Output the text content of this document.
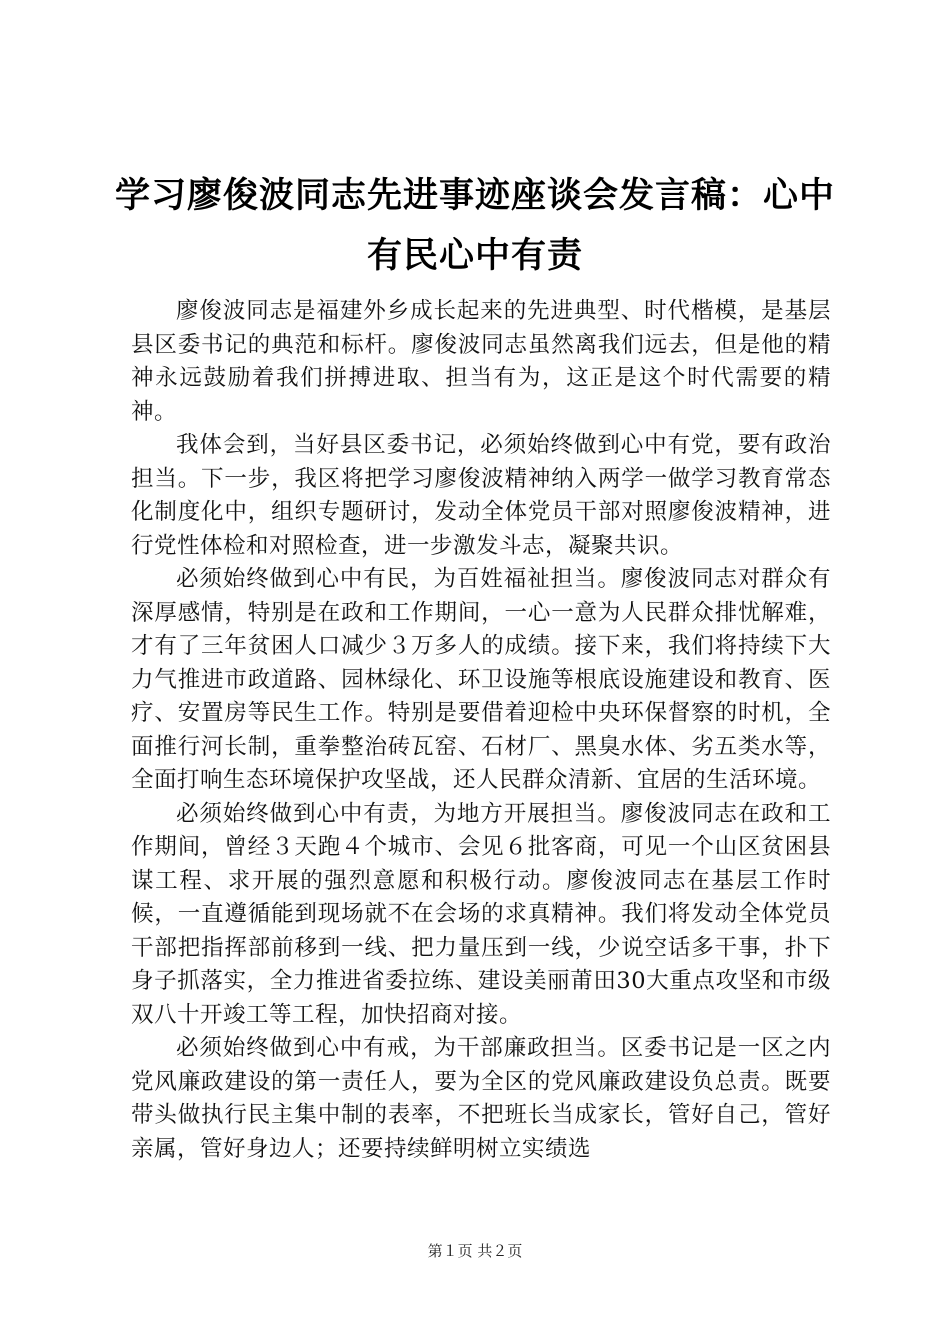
学习廖俊波同志先进事迹座谈会发言稿：心中有民心中有责

廖俊波同志是福建外乡成长起来的先进典型、时代楷模，是基层县区委书记的典范和标杆。廖俊波同志虽然离我们远去，但是他的精神永远鼓励着我们拼搏进取、担当有为，这正是这个时代需要的精神。

我体会到，当好县区委书记，必须始终做到心中有党，要有政治担当。下一步，我区将把学习廖俊波精神纳入两学一做学习教育常态化制度化中，组织专题研讨，发动全体党员干部对照廖俊波精神，进行党性体检和对照检查，进一步激发斗志，凝聚共识。

必须始终做到心中有民，为百姓福祉担当。廖俊波同志对群众有深厚感情，特别是在政和工作期间，一心一意为人民群众排忧解难，才有了三年贫困人口减少３万多人的成绩。接下来，我们将持续下大力气推进市政道路、园林绿化、环卫设施等根底设施建设和教育、医疗、安置房等民生工作。特别是要借着迎检中央环保督察的时机，全面推行河长制，重拳整治砖瓦窑、石材厂、黑臭水体、劣五类水等，全面打响生态环境保护攻坚战，还人民群众清新、宜居的生活环境。

必须始终做到心中有责，为地方开展担当。廖俊波同志在政和工作期间，曾经３天跑４个城市、会见６批客商，可见一个山区贫困县谋工程、求开展的强烈意愿和积极行动。廖俊波同志在基层工作时候，一直遵循能到现场就不在会场的求真精神。我们将发动全体党员干部把指挥部前移到一线、把力量压到一线，少说空话多干事，扑下身子抓落实，全力推进省委拉练、建设美丽莆田30大重点攻坚和市级双八十开竣工等工程，加快招商对接。

必须始终做到心中有戒，为干部廉政担当。区委书记是一区之内党风廉政建设的第一责任人，要为全区的党风廉政建设负总责。既要带头做执行民主集中制的表率，不把班长当成家长，管好自己，管好亲属，管好身边人；还要持续鲜明树立实绩选

第１页 共２页
